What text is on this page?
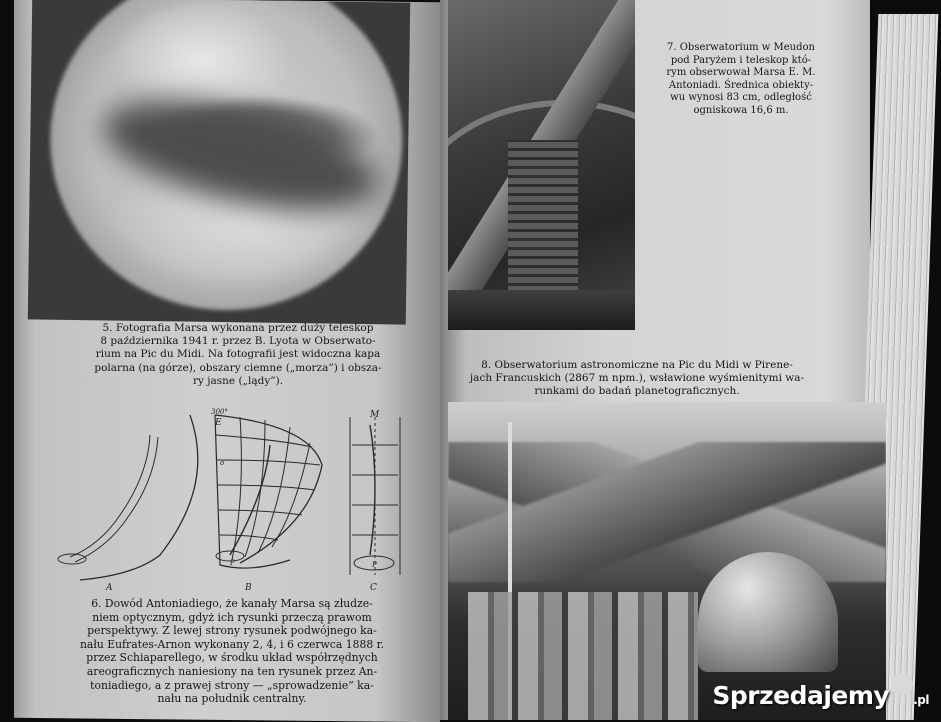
5. Fotografia Marsa wykonana przez duży teleskop
8 października 1941 r. przez B. Lyota w Obserwato-
rium na Pic du Midi. Na fotografii jest widoczna kapa
polarna (na górze), obszary ciemne („morza”) i obsza-
ry jasne („lądy”).

A	B	C
E
300°	M
P	P
o

6. Dowód Antoniadiego, że kanały Marsa są złudze-
niem optycznym, gdyż ich rysunki przeczą prawom
perspektywy. Z lewej strony rysunek podwójnego ka-
nału Eufrates-Arnon wykonany 2, 4, i 6 czerwca 1888 r.
przez Schiaparellego, w środku układ współrzędnych
areograficznych naniesiony na ten rysunek przez An-
toniadiego, a z prawej strony — „sprowadzenie” ka-
nału na południk centralny.

7. Obserwatorium w Meudon
pod Paryżem i teleskop któ-
rym obserwował Marsa E. M.
Antoniadi. Średnica obiekty-
wu wynosi 83 cm, odległość
ogniskowa 16,6 m.

8. Obserwatorium astronomiczne na Pic du Midi w Pirene-
jach Francuskich (2867 m npm.), wsławione wyśmienitymi wa-
runkami do badań planetograficznych.

Sprzedajemy .pl
